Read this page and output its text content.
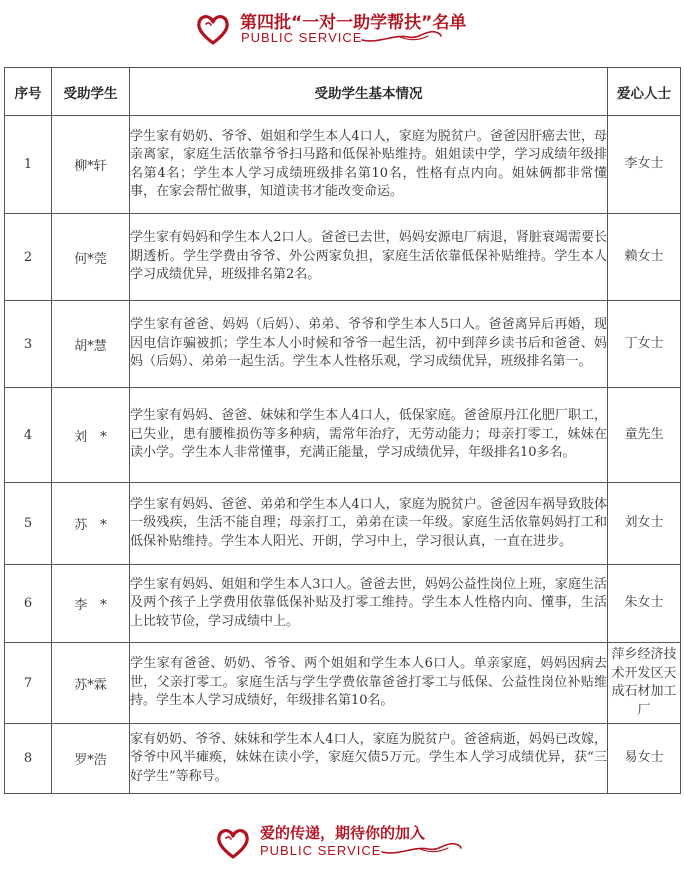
第四批“一对一助学帮扶”名单
PUBLIC SERVICE
序号	受助学生	受助学生基本情况	爱心人士
1	柳*轩	学生家有奶奶、爷爷、姐姐和学生本人4口人，家庭为脱贫户。爸爸因肝癌去世，母亲离家，家庭生活依靠爷爷扫马路和低保补贴维持。姐姐读中学，学习成绩年级排名第4名；学生本人学习成绩班级排名第10名，性格有点内向。姐妹俩都非常懂事，在家会帮忙做事，知道读书才能改变命运。	李女士
2	何*莞	学生家有妈妈和学生本人2口人。爸爸已去世，妈妈安源电厂病退，肾脏衰竭需要长期透析。学生学费由爷爷、外公两家负担，家庭生活依靠低保补贴维持。学生本人学习成绩优异，班级排名第2名。	赖女士
3	胡*慧	学生家有爸爸、妈妈（后妈）、弟弟、爷爷和学生本人5口人。爸爸离异后再婚，现因电信诈骗被抓；学生本人小时候和爷爷一起生活，初中到萍乡读书后和爸爸、妈妈（后妈）、弟弟一起生活。学生本人性格乐观，学习成绩优异，班级排名第一。	丁女士
4	刘　*	学生家有妈妈、爸爸、妹妹和学生本人4口人，低保家庭。爸爸原丹江化肥厂职工，已失业，患有腰椎损伤等多种病，需常年治疗，无劳动能力；母亲打零工，妹妹在读小学。学生本人非常懂事，充满正能量，学习成绩优异，年级排名10多名。	童先生
5	苏　*	学生家有妈妈、爸爸、弟弟和学生本人4口人，家庭为脱贫户。爸爸因车祸导致肢体一级残疾，生活不能自理；母亲打工，弟弟在读一年级。家庭生活依靠妈妈打工和低保补贴维持。学生本人阳光、开朗，学习中上，学习很认真，一直在进步。	刘女士
6	李　*	学生家有妈妈、姐姐和学生本人3口人。爸爸去世，妈妈公益性岗位上班，家庭生活及两个孩子上学费用依靠低保补贴及打零工维持。学生本人性格内向、懂事，生活上比较节俭，学习成绩中上。	朱女士
7	苏*霖	学生家有爸爸、奶奶、爷爷、两个姐姐和学生本人6口人。单亲家庭，妈妈因病去世，父亲打零工。家庭生活与学生学费依靠爸爸打零工与低保、公益性岗位补贴维持。学生本人学习成绩好，年级排名第10名。	萍乡经济技术开发区天成石材加工厂
8	罗*浩	家有奶奶、爷爷、妹妹和学生本人4口人，家庭为脱贫户。爸爸病逝，妈妈已改嫁，爷爷中风半瘫痪，妹妹在读小学，家庭欠债5万元。学生本人学习成绩优异，获“三好学生”等称号。	易女士
爱的传递，期待你的加入
PUBLIC SERVICE
